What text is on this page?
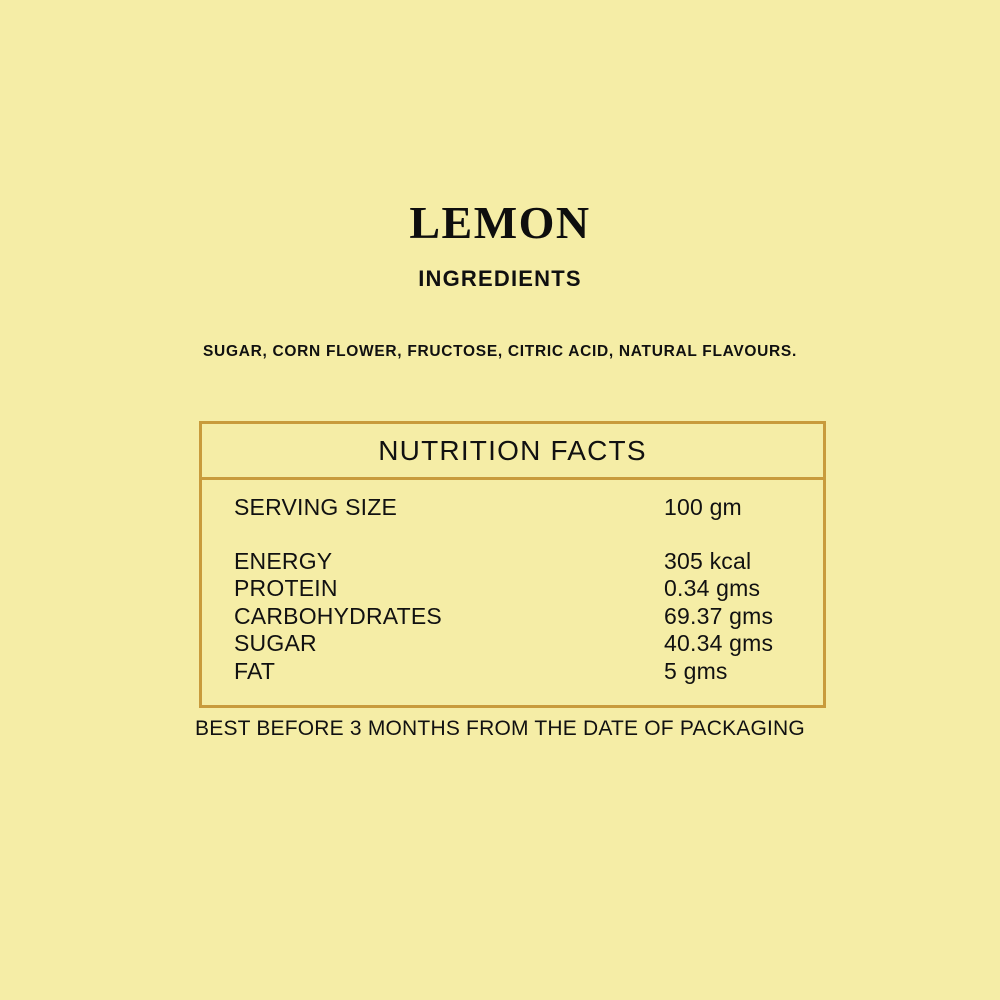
LEMON
INGREDIENTS
SUGAR, CORN FLOWER, FRUCTOSE, CITRIC ACID, NATURAL FLAVOURS.
NUTRITION FACTS
SERVING SIZE	100 gm
ENERGY	305 kcal
PROTEIN	0.34 gms
CARBOHYDRATES	69.37 gms
SUGAR	40.34 gms
FAT	5 gms
BEST BEFORE 3 MONTHS FROM THE DATE OF PACKAGING
